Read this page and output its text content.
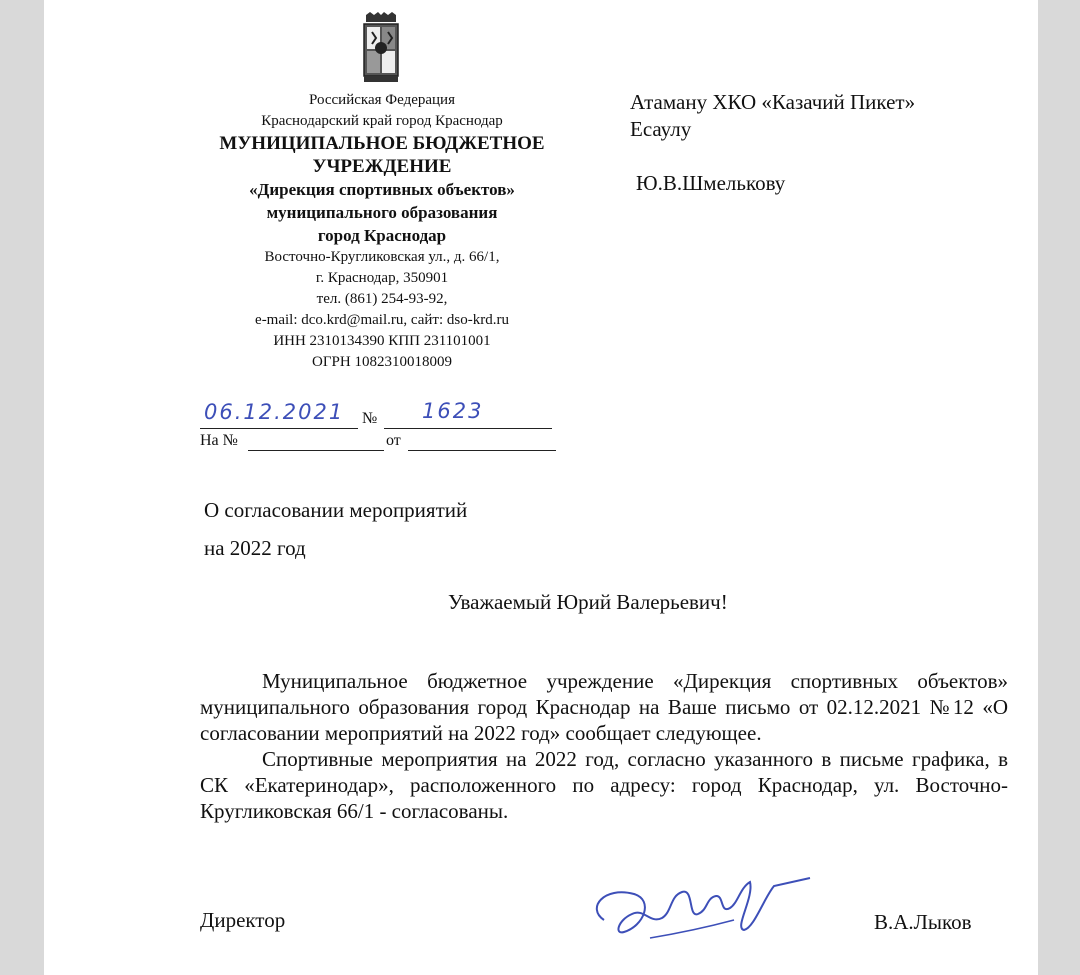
Российская Федерация
Краснодарский край город Краснодар
МУНИЦИПАЛЬНОЕ БЮДЖЕТНОЕ
УЧРЕЖДЕНИЕ
«Дирекция спортивных объектов»
муниципального образования
город Краснодар
Восточно-Кругликовская ул., д. 66/1,
г. Краснодар, 350901
тел. (861) 254-93-92,
e-mail: dco.krd@mail.ru, сайт: dso-krd.ru
ИНН 2310134390 КПП 231101001
ОГРН 1082310018009
Атаману ХКО «Казачий Пикет»
Есаулу
Ю.В.Шмелькову
06.12.2021 № 1623
На №	от
О согласовании мероприятий
на 2022 год
Уважаемый Юрий Валерьевич!

Муниципальное бюджетное учреждение «Дирекция спортивных объектов» муниципального образования город Краснодар на Ваше письмо от 02.12.2021 №12 «О согласовании мероприятий на 2022 год» сообщает следующее.

Спортивные мероприятия на 2022 год, согласно указанного в письме графика, в СК «Екатеринодар», расположенного по адресу: город Краснодар, ул. Восточно-Кругликовская 66/1 - согласованы.

Директор	В.А.Лыков
